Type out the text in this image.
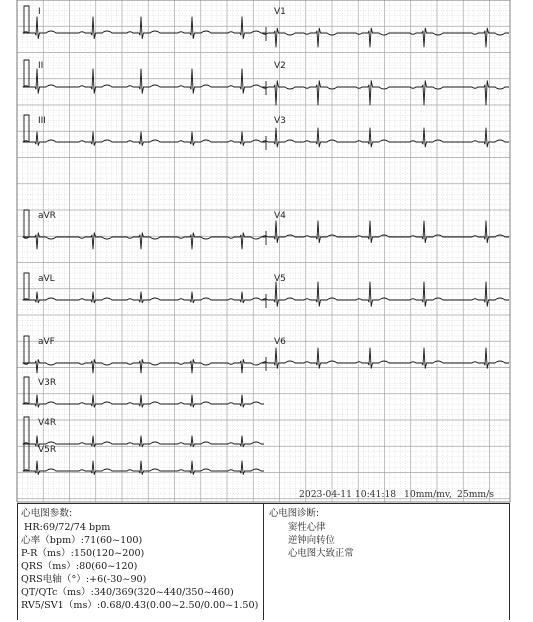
I
II
III
aVR
aVL
aVF
V3R
V4R
V5R
V1
V2
V3
V4
V5
V6
2023-04-11 10:41:18 10mm/mv, 25mm/s
心电图参数:
HR:69/72/74 bpm
心率（bpm）:71(60~100)
P-R（ms）:150(120~200)
QRS（ms）:80(60~120)
QRS电轴（°）:+6(-30~90)
QT/QTc（ms）:340/369(320~440/350~460)
RV5/SV1（ms）:0.68/0.43(0.00~2.50/0.00~1.50)
心电图诊断:
窦性心律
逆钟向转位
心电图大致正常
